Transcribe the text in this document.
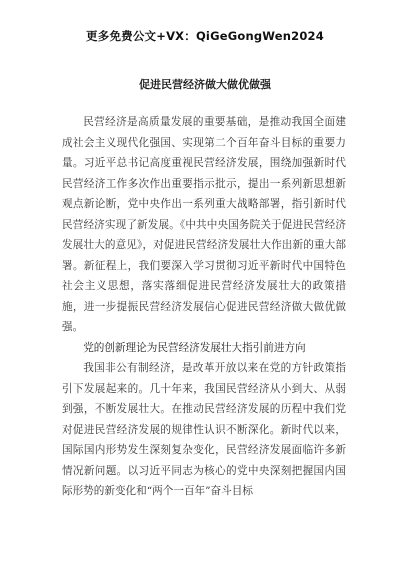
更多免费公文+VX：QiGeGongWen2024
促进民营经济做大做优做强

民营经济是高质量发展的重要基础，是推动我国全面建成社会主义现代化强国、实现第二个百年奋斗目标的重要力量。习近平总书记高度重视民营经济发展，围绕加强新时代民营经济工作多次作出重要指示批示，提出一系列新思想新观点新论断，党中央作出一系列重大战略部署，指引新时代民营经济实现了新发展。《中共中央国务院关于促进民营经济发展壮大的意见》，对促进民营经济发展壮大作出新的重大部署。新征程上，我们要深入学习贯彻习近平新时代中国特色社会主义思想，落实落细促进民营经济发展壮大的政策措施，进一步提振民营经济发展信心促进民营经济做大做优做强。

党的创新理论为民营经济发展壮大指引前进方向

我国非公有制经济，是改革开放以来在党的方针政策指引下发展起来的。几十年来，我国民营经济从小到大、从弱到强，不断发展壮大。在推动民营经济发展的历程中我们党对促进民营经济发展的规律性认识不断深化。新时代以来，国际国内形势发生深刻复杂变化，民营经济发展面临许多新情况新问题。以习近平同志为核心的党中央深刻把握国内国际形势的新变化和“两个一百年”奋斗目标
